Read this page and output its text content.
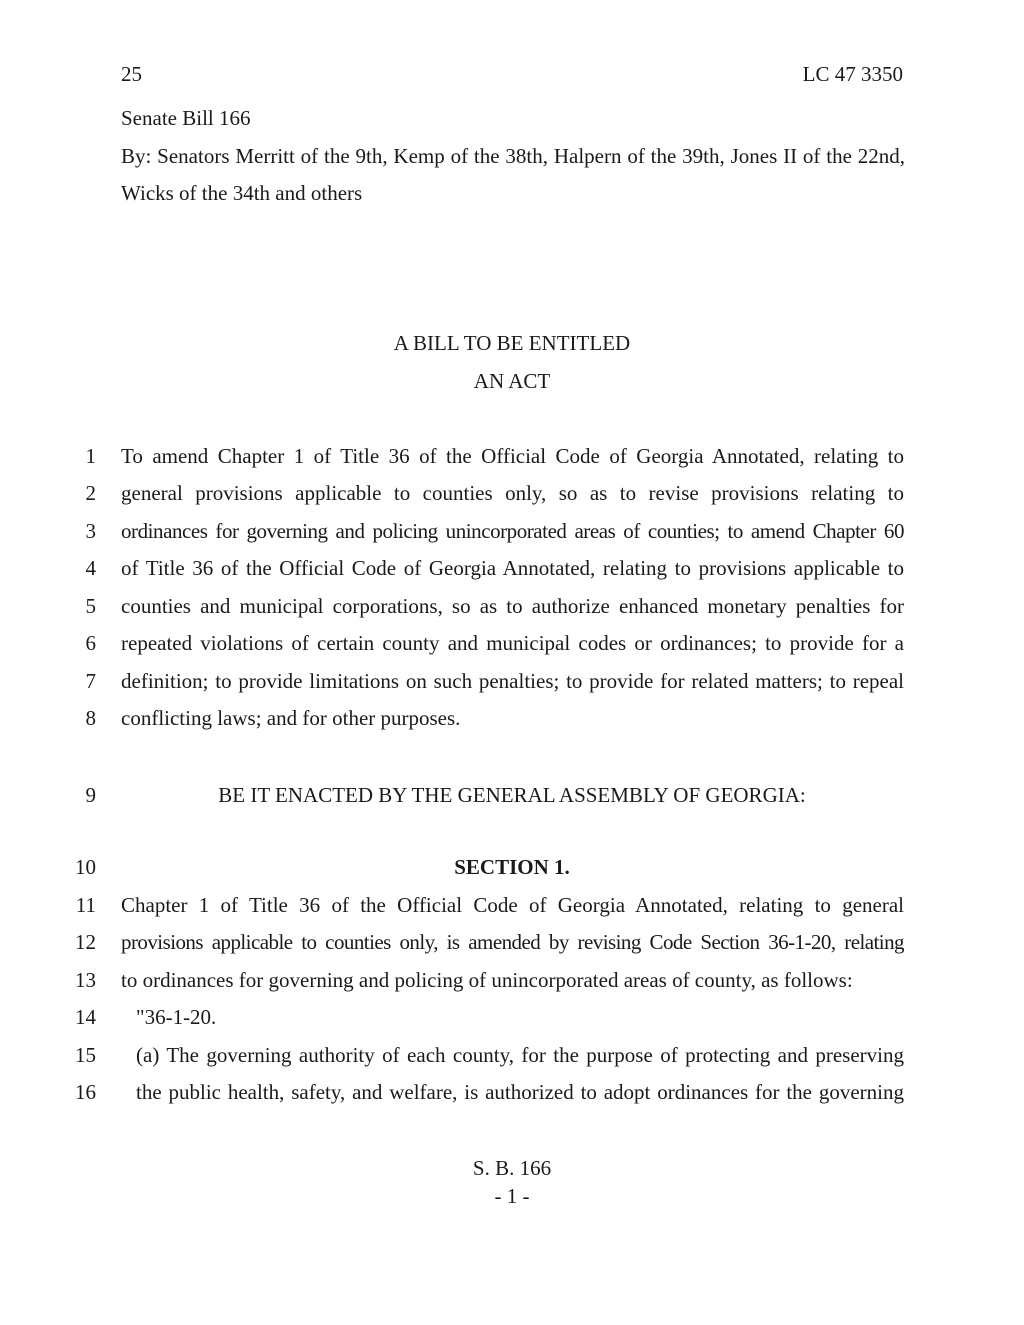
25	LC 47 3350
Senate Bill 166
By: Senators Merritt of the 9th, Kemp of the 38th, Halpern of the 39th, Jones II of the 22nd,
Wicks of the 34th and others
A BILL TO BE ENTITLED
AN ACT
1 To amend Chapter 1 of Title 36 of the Official Code of Georgia Annotated, relating to
2 general provisions applicable to counties only, so as to revise provisions relating to
3 ordinances for governing and policing unincorporated areas of counties; to amend Chapter 60
4 of Title 36 of the Official Code of Georgia Annotated, relating to provisions applicable to
5 counties and municipal corporations, so as to authorize enhanced monetary penalties for
6 repeated violations of certain county and municipal codes or ordinances; to provide for a
7 definition; to provide limitations on such penalties; to provide for related matters; to repeal
8 conflicting laws; and for other purposes.
9	BE IT ENACTED BY THE GENERAL ASSEMBLY OF GEORGIA:
10	SECTION 1.
11 Chapter 1 of Title 36 of the Official Code of Georgia Annotated, relating to general
12 provisions applicable to counties only, is amended by revising Code Section 36-1-20, relating
13 to ordinances for governing and policing of unincorporated areas of county, as follows:
14 "36-1-20.
15 (a) The governing authority of each county, for the purpose of protecting and preserving
16 the public health, safety, and welfare, is authorized to adopt ordinances for the governing
S. B. 166
- 1 -
